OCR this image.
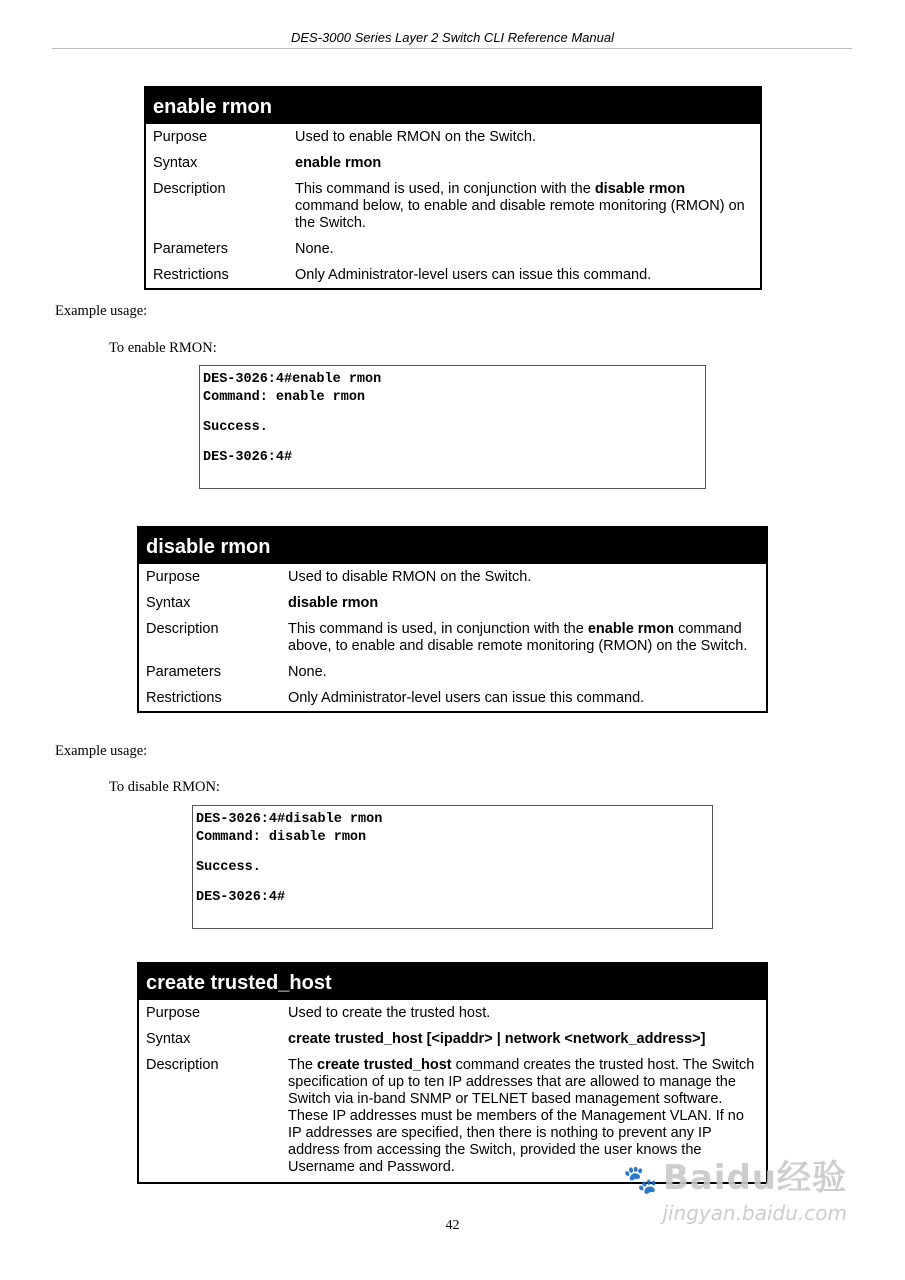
DES-3000 Series Layer 2 Switch CLI Reference Manual
enable rmon
Purpose	Used to enable RMON on the Switch.
Syntax	enable rmon
Description	This command is used, in conjunction with the disable rmon command below, to enable and disable remote monitoring (RMON) on the Switch.
Parameters	None.
Restrictions	Only Administrator-level users can issue this command.
Example usage:
To enable RMON:
DES-3026:4#enable rmon
Command: enable rmon
Success.
DES-3026:4#
disable rmon
Purpose	Used to disable RMON on the Switch.
Syntax	disable rmon
Description	This command is used, in conjunction with the enable rmon command above, to enable and disable remote monitoring (RMON) on the Switch.
Parameters	None.
Restrictions	Only Administrator-level users can issue this command.
Example usage:
To disable RMON:
DES-3026:4#disable rmon
Command: disable rmon
Success.
DES-3026:4#
create trusted_host
Purpose	Used to create the trusted host.
Syntax	create trusted_host [<ipaddr> | network <network_address>]
Description	The create trusted_host command creates the trusted host. The Switch specification of up to ten IP addresses that are allowed to manage the Switch via in-band SNMP or TELNET based management software. These IP addresses must be members of the Management VLAN. If no IP addresses are specified, then there is nothing to prevent any IP address from accessing the Switch, provided the user knows the Username and Password.
42
🐾 Baidu经验
jingyan.baidu.com
